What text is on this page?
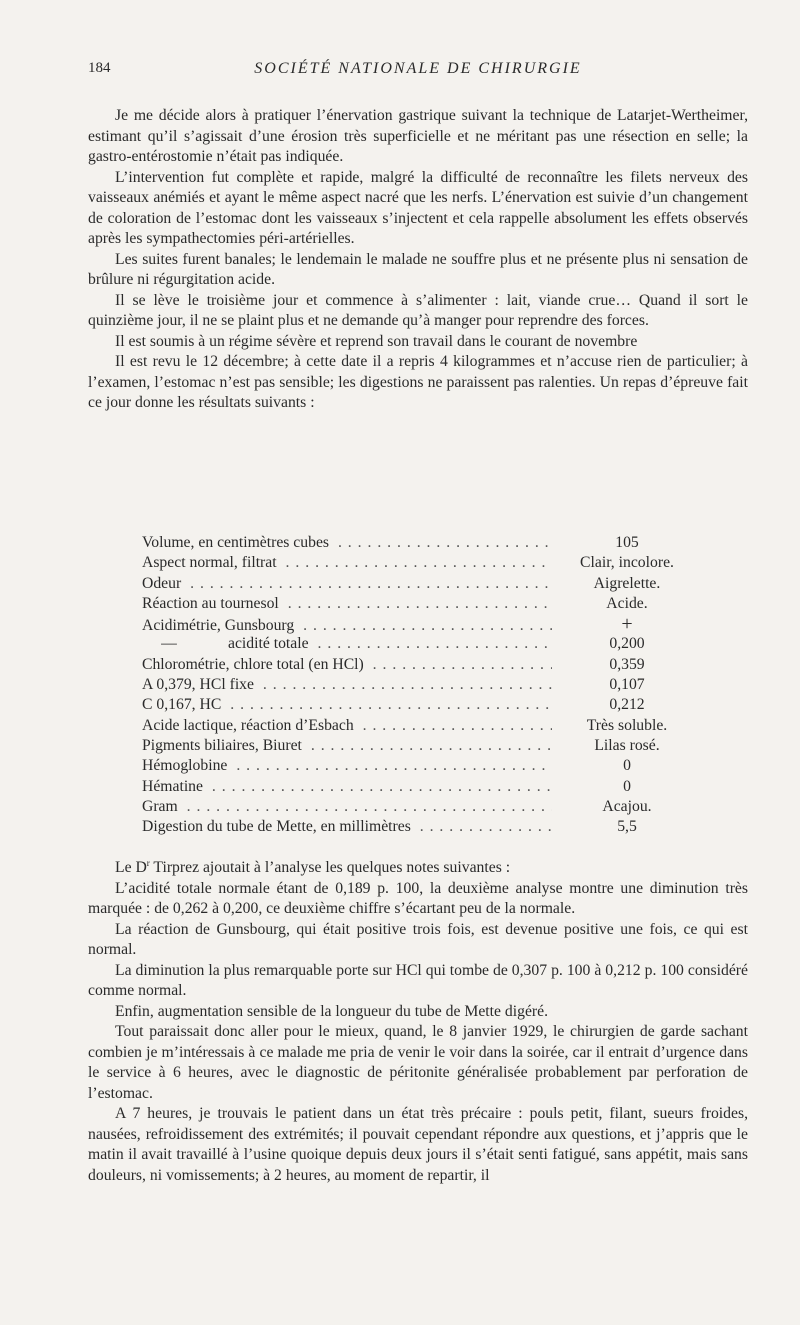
184	SOCIÉTÉ NATIONALE DE CHIRURGIE

Je me décide alors à pratiquer l’énervation gastrique suivant la technique de Latarjet-Wertheimer, estimant qu’il s’agissait d’une érosion très superficielle et ne méritant pas une résection en selle; la gastro-entérostomie n’était pas indiquée.

L’intervention fut complète et rapide, malgré la difficulté de reconnaître les filets nerveux des vaisseaux anémiés et ayant le même aspect nacré que les nerfs. L’énervation est suivie d’un changement de coloration de l’estomac dont les vaisseaux s’injectent et cela rappelle absolument les effets observés après les sympathectomies péri-artérielles.

Les suites furent banales; le lendemain le malade ne souffre plus et ne présente plus ni sensation de brûlure ni régurgitation acide.

Il se lève le troisième jour et commence à s’alimenter : lait, viande crue… Quand il sort le quinzième jour, il ne se plaint plus et ne demande qu’à manger pour reprendre des forces.

Il est soumis à un régime sévère et reprend son travail dans le courant de novembre

Il est revu le 12 décembre; à cette date il a repris 4 kilogrammes et n’accuse rien de particulier; à l’examen, l’estomac n’est pas sensible; les digestions ne paraissent pas ralenties. Un repas d’épreuve fait ce jour donne les résultats suivants :

Volume, en centimètres cubes . . .	105
Aspect normal, filtrat . . .	Clair, incolore.
Odeur . . .	Aigrelette.
Réaction au tournesol . . .	Acide.
Acidimétrie, Gunsbourg . . .	+
—	acidité totale . . .	0,200
Chlorométrie, chlore total (en HCl) . . .	0,359
A 0,379, HCl fixe . . .	0,107
C 0,167, HC . . .	0,212
Acide lactique, réaction d’Esbach . . .	Très soluble.
Pigments biliaires, Biuret . . .	Lilas rosé.
Hémoglobine . . .	0
Hématine . . .	0
Gram . . .	Acajou.
Digestion du tube de Mette, en millimètres . . .	5,5

Le $D^r$ Tirprez ajoutait à l’analyse les quelques notes suivantes :

L’acidité totale normale étant de 0,189 p. 100, la deuxième analyse montre une diminution très marquée : de 0,262 à 0,200, ce deuxième chiffre s’écartant peu de la normale.

La réaction de Gunsbourg, qui était positive trois fois, est devenue positive une fois, ce qui est normal.

La diminution la plus remarquable porte sur HCl qui tombe de 0,307 p. 100 à 0,212 p. 100 considéré comme normal.

Enfin, augmentation sensible de la longueur du tube de Mette digéré.

Tout paraissait donc aller pour le mieux, quand, le 8 janvier 1929, le chirurgien de garde sachant combien je m’intéressais à ce malade me pria de venir le voir dans la soirée, car il entrait d’urgence dans le service à 6 heures, avec le diagnostic de péritonite généralisée probablement par perforation de l’estomac.

A 7 heures, je trouvais le patient dans un état très précaire : pouls petit, filant, sueurs froides, nausées, refroidissement des extrémités; il pouvait cependant répondre aux questions, et j’appris que le matin il avait travaillé à l’usine quoique depuis deux jours il s’était senti fatigué, sans appétit, mais sans douleurs, ni vomissements; à 2 heures, au moment de repartir, il
